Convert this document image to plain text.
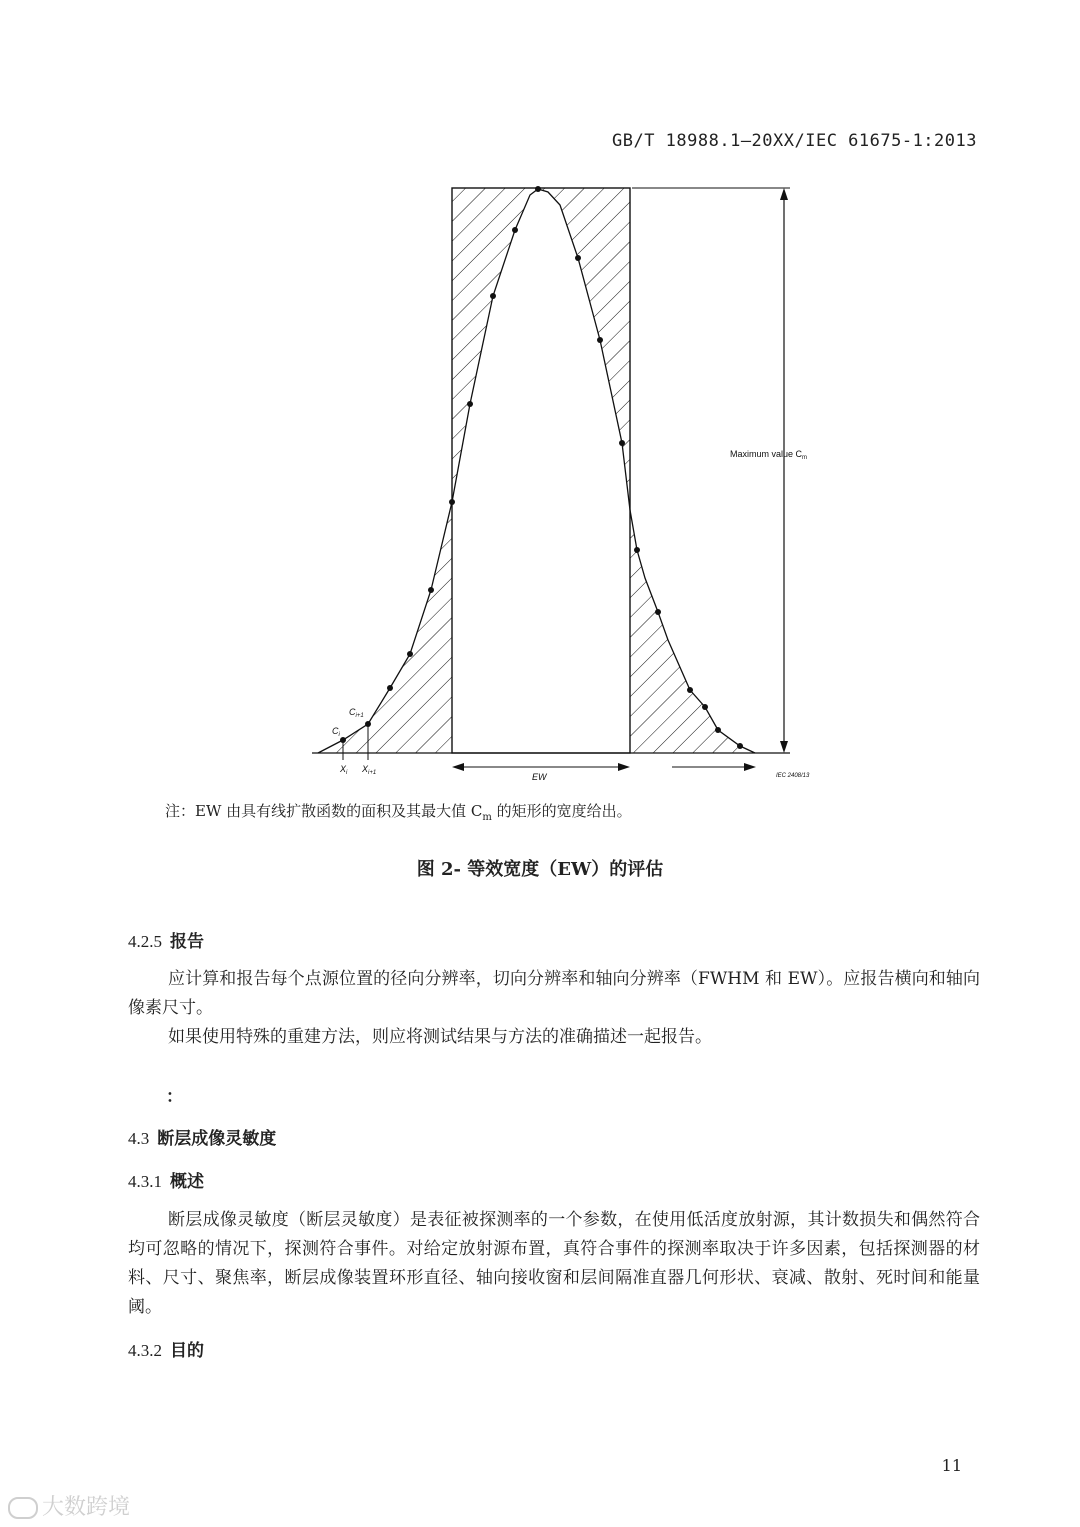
GB/T 18988.1—20XX/IEC 61675-1:2013
Maximum value $C_m$
$C_i$
$C_{i+1}$
$X_i$ $X_{i+1}$	EW	IEC 2408/13
注：EW 由具有线扩散函数的面积及其最大值 $C_m$ 的矩形的宽度给出。
图 2- 等效宽度（EW）的评估
4.2.5 报告
应计算和报告每个点源位置的径向分辨率，切向分辨率和轴向分辨率（FWHM 和 EW）。应报告横向和轴向像素尺寸。
如果使用特殊的重建方法，则应将测试结果与方法的准确描述一起报告。
：
4.3 断层成像灵敏度
4.3.1 概述
断层成像灵敏度（断层灵敏度）是表征被探测率的一个参数，在使用低活度放射源，其计数损失和偶然符合均可忽略的情况下，探测符合事件。对给定放射源布置，真符合事件的探测率取决于许多因素，包括探测器的材料、尺寸、聚焦率，断层成像装置环形直径、轴向接收窗和层间隔准直器几何形状、衰减、散射、死时间和能量阈。
4.3.2 目的
11
大数跨境
